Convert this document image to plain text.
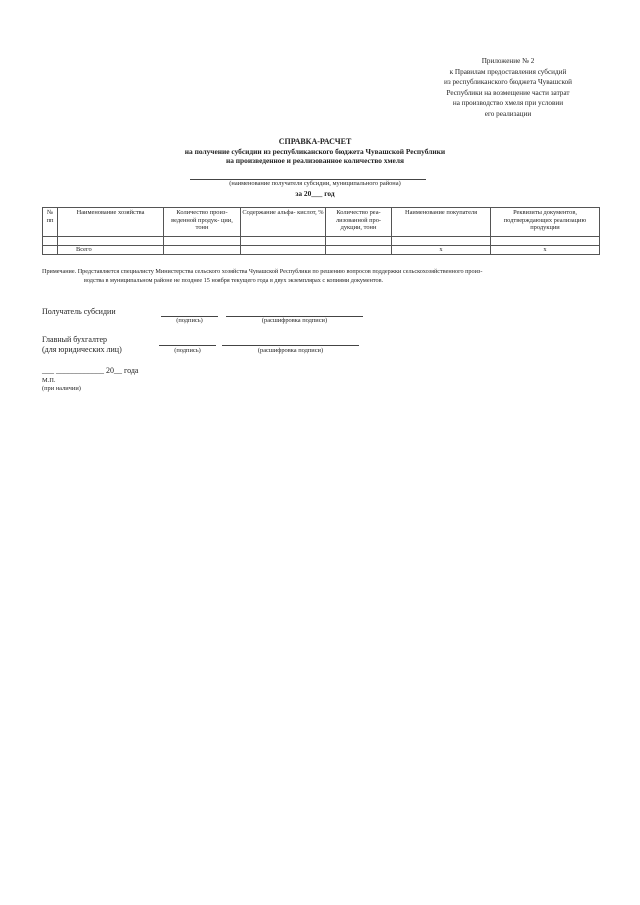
Приложение № 2
к Правилам предоставления субсидий
из республиканского бюджета Чувашской
Республики на возмещение части затрат
на производство хмеля при условии
его реализации
СПРАВКА-РАСЧЕТ
на получение субсидии из республиканского бюджета Чувашской Республики
на произведенное и реализованное количество хмеля
(наименование получателя субсидии, муниципального района)
за 20___ год
№ пп	Наименование хозяйства	Количество произ- веденной продук- ции, тонн	Содержание альфа- кислот, %	Количество реа- лизованной про- дукции, тонн	Наименование покупателя	Реквизиты документов, подтверждающих реализацию продукции

	Всего				х	х
Примечание. Представляется специалисту Министерства сельского хозяйства Чувашской Республики по решению вопросов поддержки сельскохозяйственного произ-
водства в муниципальном районе не позднее 15 ноября текущего года в двух экземплярах с копиями документов.
Получатель субсидии
(подпись)	(расшифровка подписи)
Главный бухгалтер
(для юридических лиц)	(подпись)	(расшифровка подписи)
___ ____________ 20__ года
М.П.
(при наличии)
